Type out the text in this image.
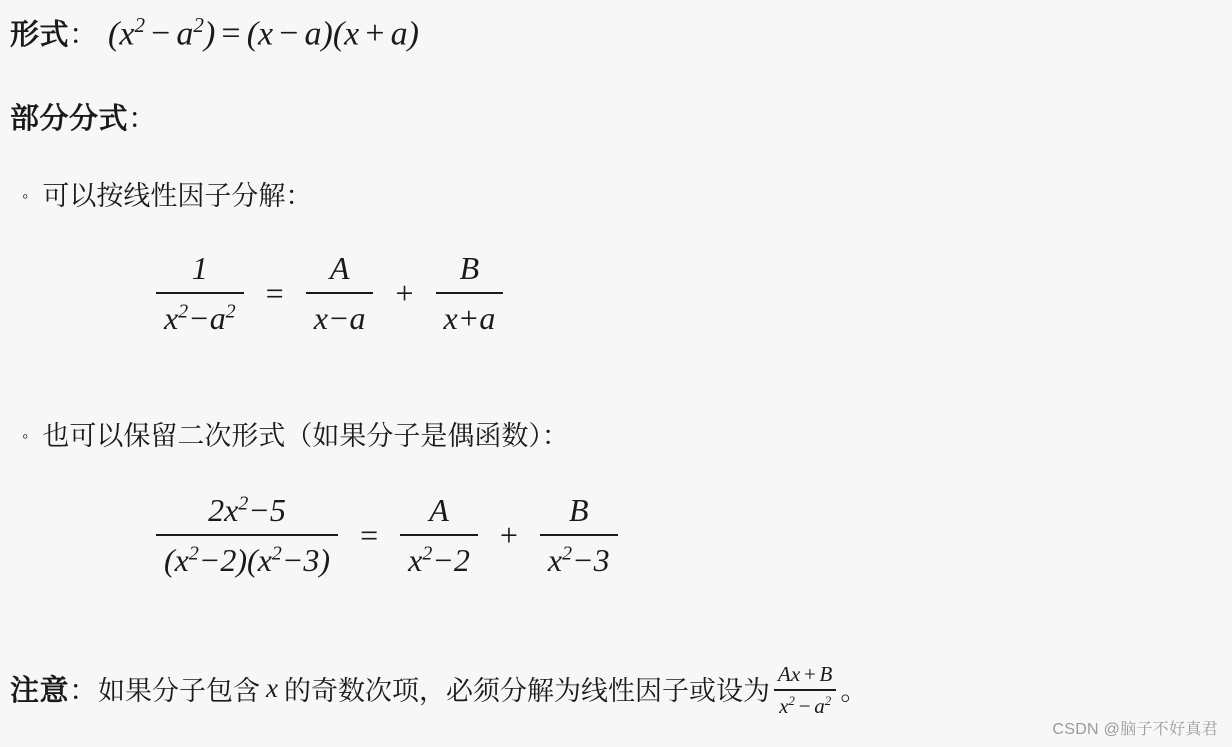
形式 ： $(x^2 - a^2) = (x - a)(x + a)$
部分分式 ：
◦ 可以按线性因子分解：
$\frac{1}{x^2-a^2} = \frac{A}{x-a} + \frac{B}{x+a}$
◦ 也可以保留二次形式（如果分子是偶函数）：
$\frac{2x^2-5}{(x^2-2)(x^2-3)} = \frac{A}{x^2-2} + \frac{B}{x^2-3}$
注意 ： 如果分子包含 x 的奇数次项，必须分解为线性因子或设为 $\frac{Ax + B}{x^2 - a^2}$ 。
CSDN @脑子不好真君
